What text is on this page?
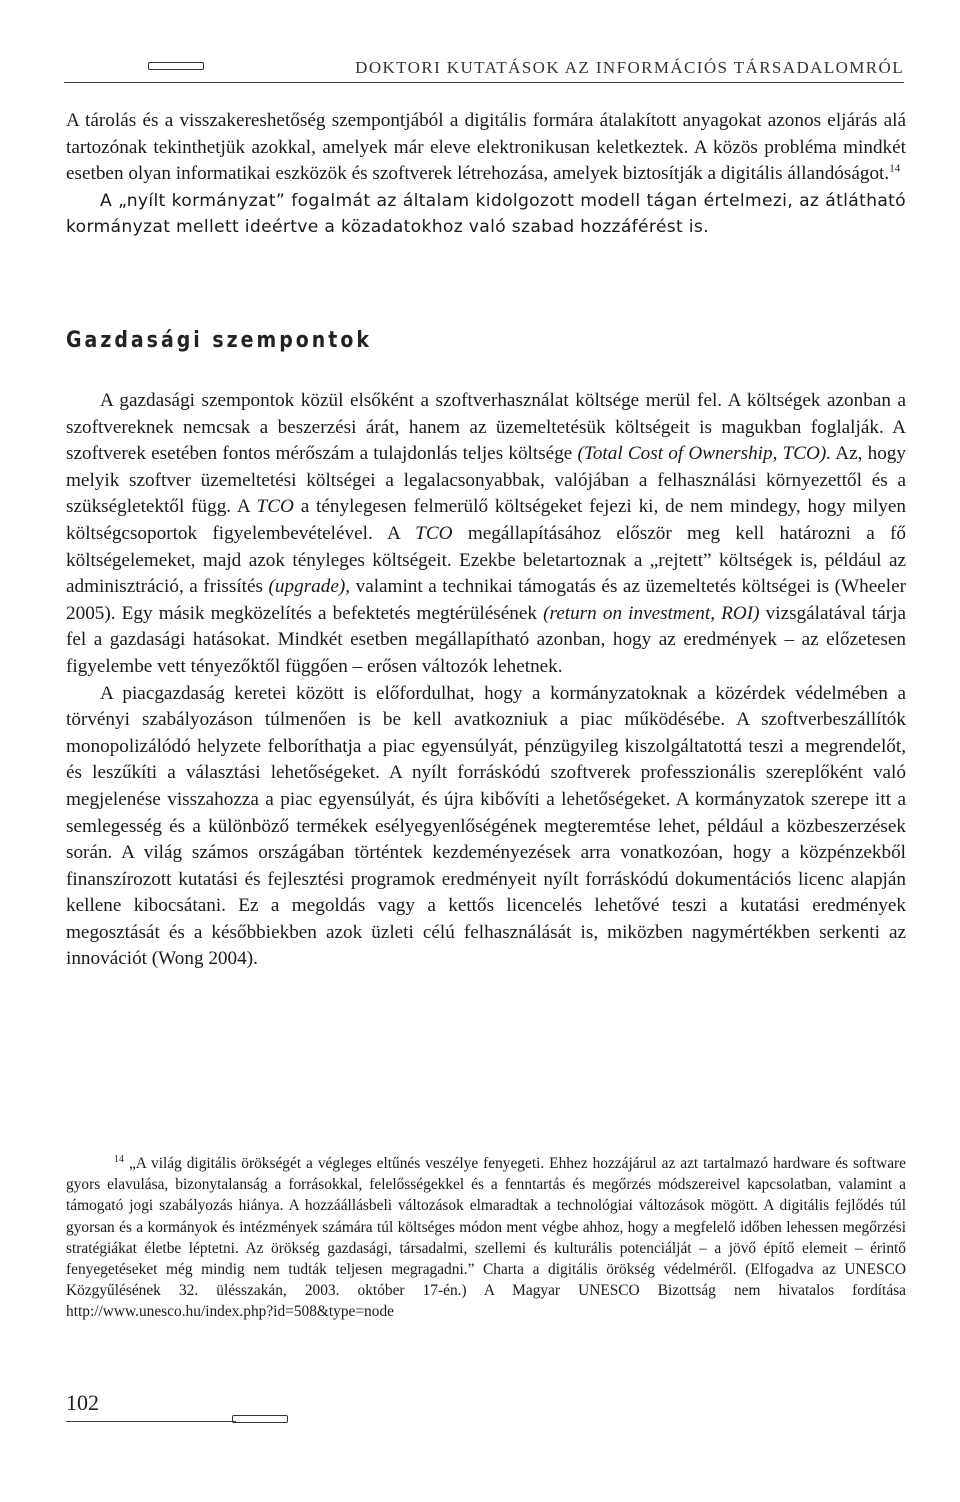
DOKTORI KUTATÁSOK AZ INFORMÁCIÓS TÁRSADALOMRÓL

A tárolás és a visszakereshetőség szempontjából a digitális formára átalakított anyagokat azonos eljárás alá tartozónak tekinthetjük azokkal, amelyek már eleve elektronikusan keletkeztek. A közös probléma mindkét esetben olyan informatikai eszközök és szoftverek létrehozása, amelyek biztosítják a digitális állandóságot.$^{14}$

A „nyílt kormányzat” fogalmát az általam kidolgozott modell tágan értelmezi, az átlátható kormányzat mellett ideértve a közadatokhoz való szabad hozzáférést is.

Gazdasági szempontok

A gazdasági szempontok közül elsőként a szoftverhasználat költsége merül fel. A költségek azonban a szoftvereknek nemcsak a beszerzési árát, hanem az üzemeltetésük költségeit is magukban foglalják. A szoftverek esetében fontos mérőszám a tulajdonlás teljes költsége (Total Cost of Ownership, TCO). Az, hogy melyik szoftver üzemeltetési költségei a legalacsonyabbak, valójában a felhasználási környezettől és a szükségletektől függ. A TCO a ténylegesen felmerülő költségeket fejezi ki, de nem mindegy, hogy milyen költségcsoportok figyelembevételével. A TCO megállapításához először meg kell határozni a fő költségelemeket, majd azok tényleges költségeit. Ezekbe beletartoznak a „rejtett” költségek is, például az adminisztráció, a frissítés (upgrade), valamint a technikai támogatás és az üzemeltetés költségei is (Wheeler 2005). Egy másik megközelítés a befektetés megtérülésének (return on investment, ROI) vizsgálatával tárja fel a gazdasági hatásokat. Mindkét esetben megállapítható azonban, hogy az eredmények – az előzetesen figyelembe vett tényezőktől függően – erősen változók lehetnek.

A piacgazdaság keretei között is előfordulhat, hogy a kormányzatoknak a közérdek védelmében a törvényi szabályozáson túlmenően is be kell avatkozniuk a piac működésébe. A szoftverbeszállítók monopolizálódó helyzete felboríthatja a piac egyensúlyát, pénzügyileg kiszolgáltatottá teszi a megrendelőt, és leszűkíti a választási lehetőségeket. A nyílt forráskódú szoftverek professzionális szereplőként való megjelenése visszahozza a piac egyensúlyát, és újra kibővíti a lehetőségeket. A kormányzatok szerepe itt a semlegesség és a különböző termékek esélyegyenlőségének megteremtése lehet, például a közbeszerzések során. A világ számos országában történtek kezdeményezések arra vonatkozóan, hogy a közpénzekből finanszírozott kutatási és fejlesztési programok eredményeit nyílt forráskódú dokumentációs licenc alapján kellene kibocsátani. Ez a megoldás vagy a kettős licencelés lehetővé teszi a kutatási eredmények megosztását és a későbbiekben azok üzleti célú felhasználását is, miközben nagymértékben serkenti az innovációt (Wong 2004).

$^{14}$ „A világ digitális örökségét a végleges eltűnés veszélye fenyegeti. Ehhez hozzájárul az azt tartalmazó hardware és software gyors elavulása, bizonytalanság a forrásokkal, felelősségekkel és a fenntartás és megőrzés módszereivel kapcsolatban, valamint a támogató jogi szabályozás hiánya. A hozzáállásbeli változások elmaradtak a technológiai változások mögött. A digitális fejlődés túl gyorsan és a kormányok és intézmények számára túl költséges módon ment végbe ahhoz, hogy a megfelelő időben lehessen megőrzési stratégiákat életbe léptetni. Az örökség gazdasági, társadalmi, szellemi és kulturális potenciálját – a jövő építő elemeit – érintő fenyegetéseket még mindig nem tudták teljesen megragadni.” Charta a digitális örökség védelméről. (Elfogadva az UNESCO Közgyűlésének 32. ülésszakán, 2003. október 17-én.) A Magyar UNESCO Bizottság nem hivatalos fordítása http://www.unesco.hu/index.php?id=508&type=node

102
